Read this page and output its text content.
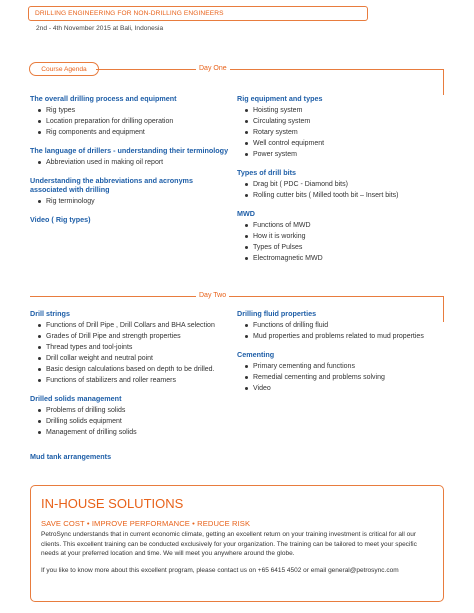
DRILLING ENGINEERING FOR NON-DRILLING ENGINEERS
2nd - 4th November 2015 at Bali, Indonesia
Course Agenda	Day One
Day Two
The overall drilling process and equipment
Rig types
Location preparation for drilling operation
Rig components and equipment
The language of drillers - understanding their terminology
Abbreviation used in making oil report
Understanding the abbreviations and acronyms associated with drilling
Rig terminology
Video ( Rig types)
Rig equipment and types
Hoisting system
Circulating system
Rotary system
Well control equipment
Power system
Types of drill bits
Drag bit ( PDC - Diamond bits)
Rolling cutter bits ( Milled tooth bit – Insert bits)
MWD
Functions of MWD
How it is working
Types of Pulses
Electromagnetic MWD
Drill strings
Functions of Drill Pipe , Drill Collars and BHA selection
Grades of Drill Pipe and strength properties
Thread types and tool-joints
Drill collar weight and neutral point
Basic design calculations based on depth to be drilled.
Functions of stabilizers and roller reamers
Drilled solids management
Problems of drilling solids
Drilling solids equipment
Management of drilling solids
Mud tank arrangements
Drilling fluid properties
Functions of drilling fluid
Mud properties and problems related to mud properties
Cementing
Primary cementing and functions
Remedial cementing and problems solving
Video
IN-HOUSE SOLUTIONS
SAVE COST • IMPROVE PERFORMANCE • REDUCE RISK
PetroSync understands that in current economic climate, getting an excellent return on your training investment is critical for all our clients. This excellent training can be conducted exclusively for your organization. The training can be tailored to meet your specific needs at your preferred location and time. We will meet you anywhere around the globe.
If you like to know more about this excellent program, please contact us on +65 6415 4502 or email general@petrosync.com
